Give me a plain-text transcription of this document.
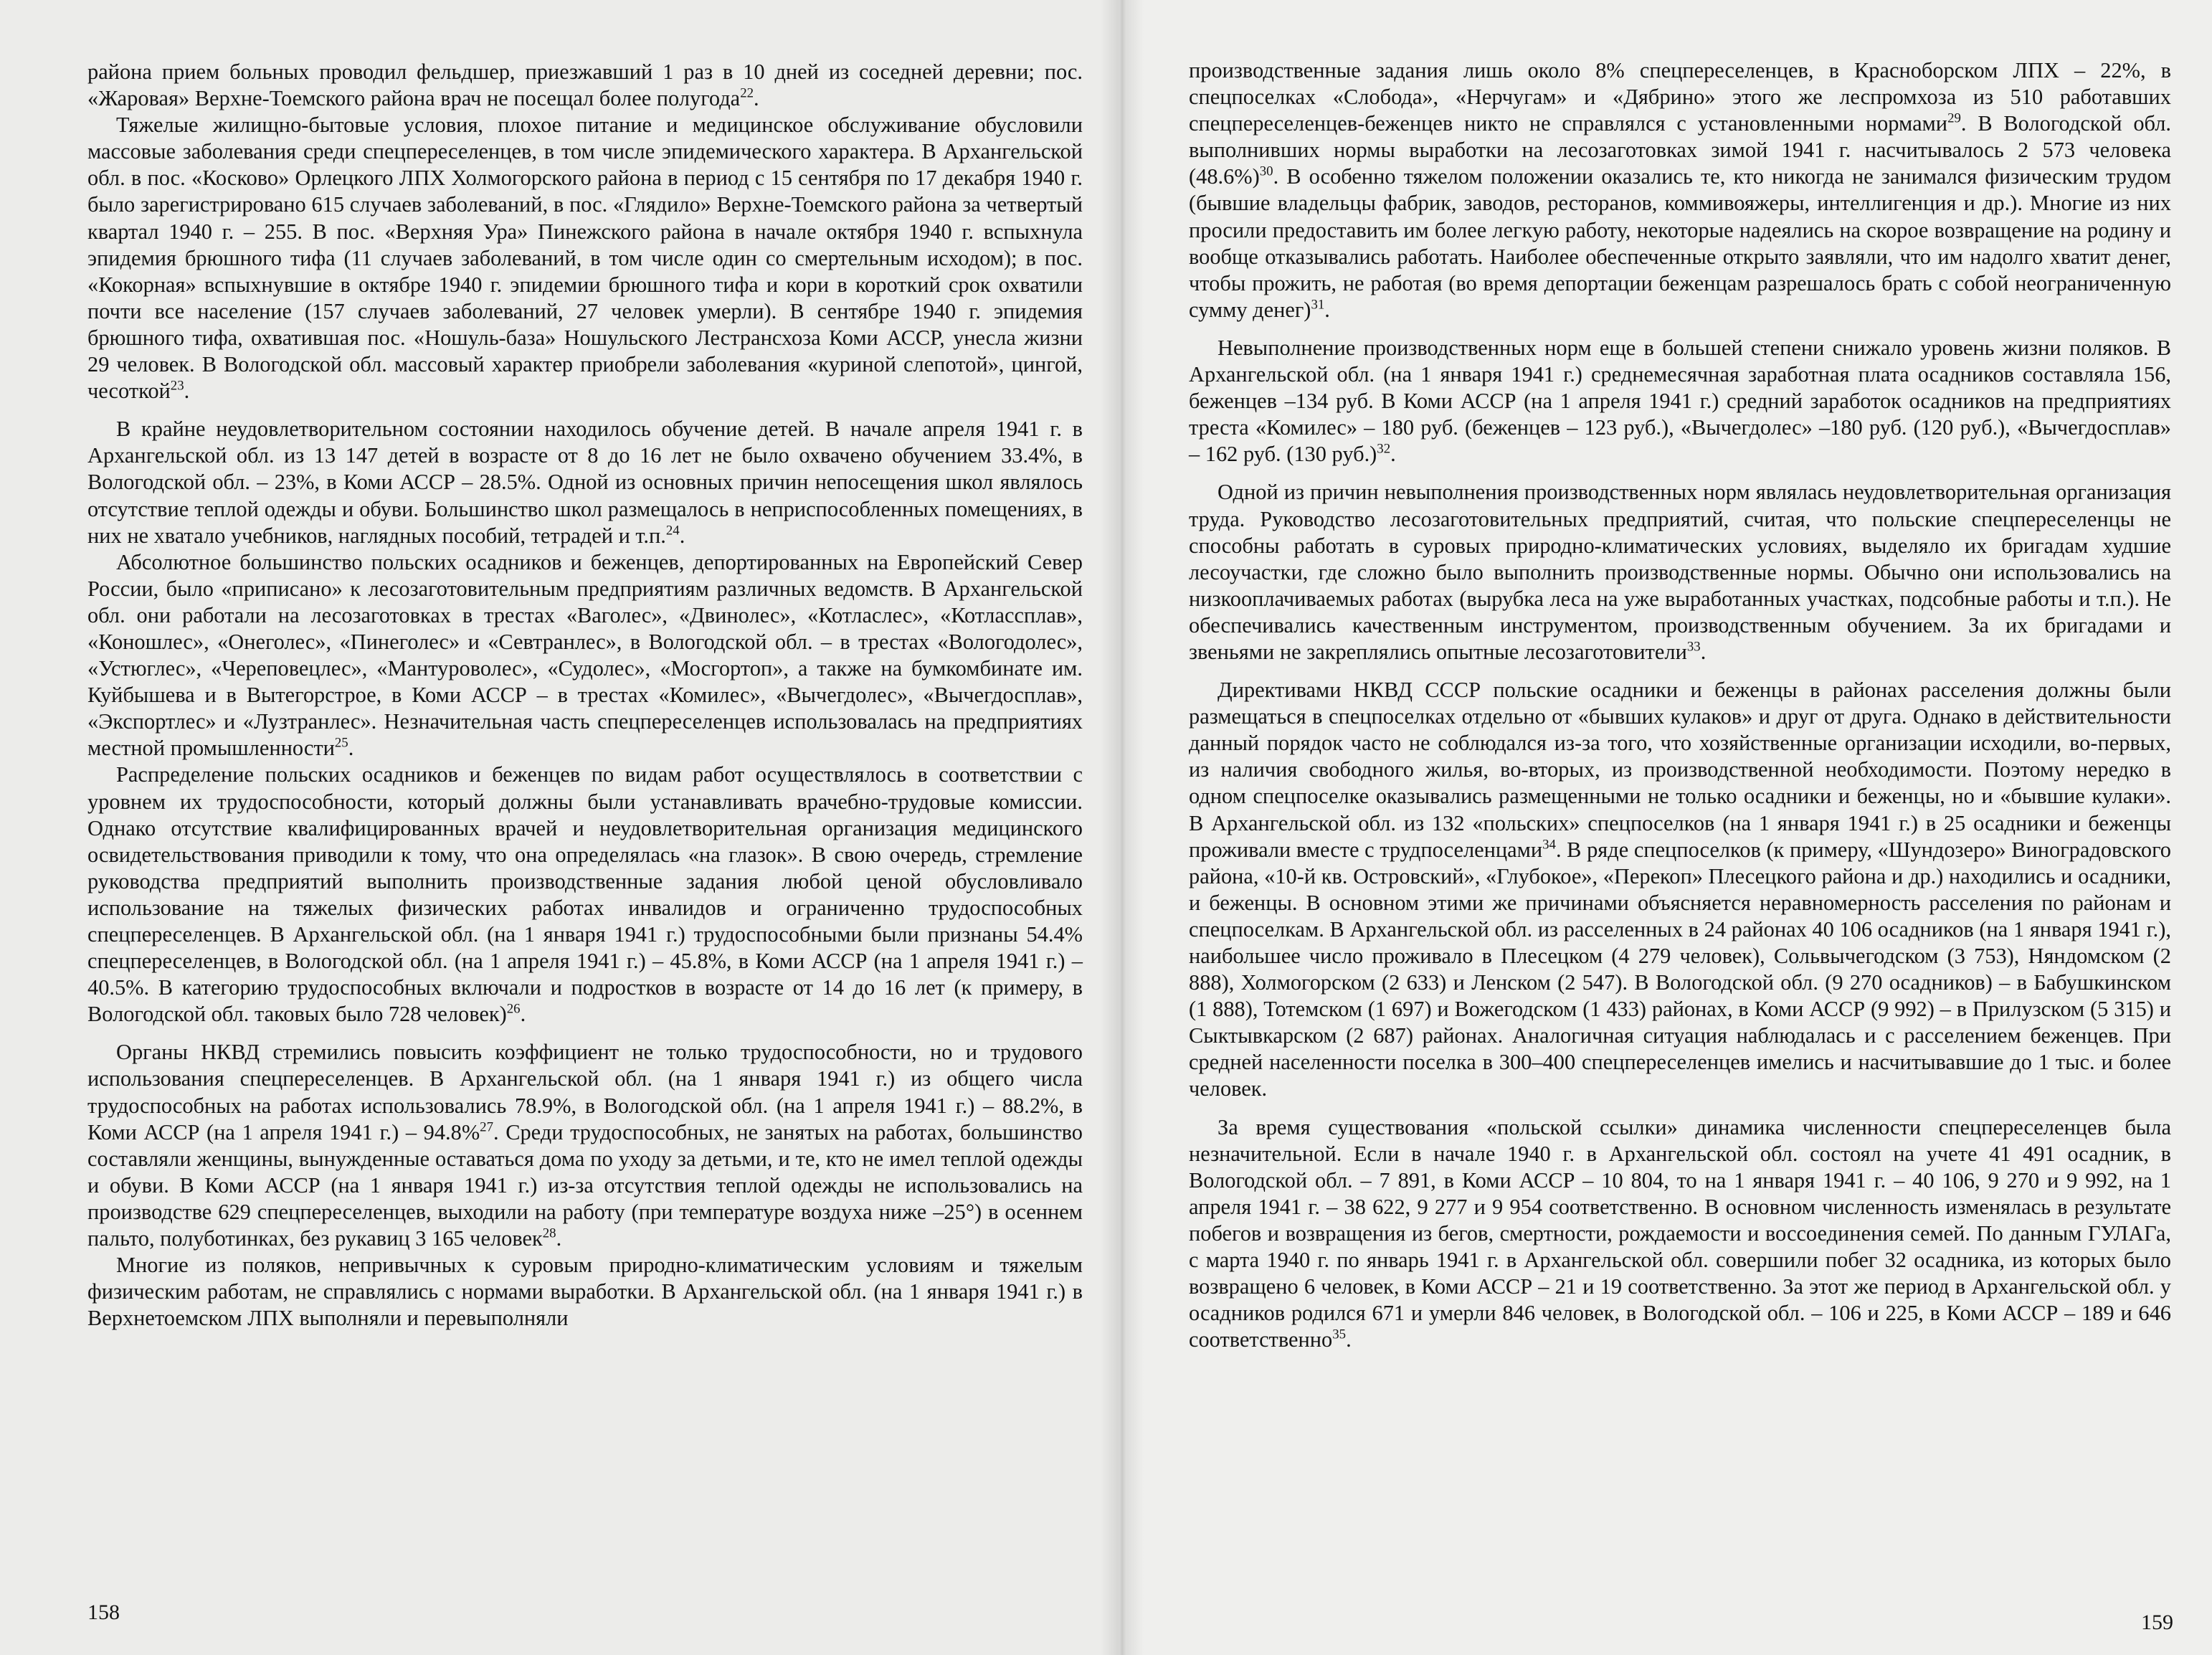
района прием больных проводил фельдшер, приезжавший 1 раз в 10 дней из соседней деревни; пос. «Жаровая» Верхне-Тоемского района врач не посещал более полугода$^{22}$.

Тяжелые жилищно-бытовые условия, плохое питание и медицинское обслуживание обусловили массовые заболевания среди спецпереселенцев, в том числе эпидемического характера. В Архангельской обл. в пос. «Косково» Орлецкого ЛПХ Холмогорского района в период с 15 сентября по 17 декабря 1940 г. было зарегистрировано 615 случаев заболеваний, в пос. «Глядило» Верхне-Тоемского района за четвертый квартал 1940 г. – 255. В пос. «Верхняя Ура» Пинежского района в начале октября 1940 г. вспыхнула эпидемия брюшного тифа (11 случаев заболеваний, в том числе один со смертельным исходом); в пос. «Кокорная» вспыхнувшие в октябре 1940 г. эпидемии брюшного тифа и кори в короткий срок охватили почти все население (157 случаев заболеваний, 27 человек умерли). В сентябре 1940 г. эпидемия брюшного тифа, охватившая пос. «Ношуль-база» Ношульского Лестрансхоза Коми АССР, унесла жизни 29 человек. В Вологодской обл. массовый характер приобрели заболевания «куриной слепотой», цингой, чесоткой$^{23}$.

В крайне неудовлетворительном состоянии находилось обучение детей. В начале апреля 1941 г. в Архангельской обл. из 13 147 детей в возрасте от 8 до 16 лет не было охвачено обучением 33.4%, в Вологодской обл. – 23%, в Коми АССР – 28.5%. Одной из основных причин непосещения школ являлось отсутствие теплой одежды и обуви. Большинство школ размещалось в неприспособленных помещениях, в них не хватало учебников, наглядных пособий, тетрадей и т.п.$^{24}$.

Абсолютное большинство польских осадников и беженцев, депортированных на Европейский Север России, было «приписано» к лесозаготовительным предприятиям различных ведомств. В Архангельской обл. они работали на лесозаготовках в трестах «Ваголес», «Двинолес», «Котласлес», «Котлассплав», «Коношлес», «Онеголес», «Пинеголес» и «Севтранлес», в Вологодской обл. – в трестах «Вологодолес», «Устюглес», «Череповецлес», «Мантуроволес», «Судолес», «Мосгортоп», а также на бумкомбинате им. Куйбышева и в Вытегорстрое, в Коми АССР – в трестах «Комилес», «Вычегдолес», «Вычегдосплав», «Экспортлес» и «Лузтранлес». Незначительная часть спецпереселенцев использовалась на предприятиях местной промышленности$^{25}$.

Распределение польских осадников и беженцев по видам работ осуществлялось в соответствии с уровнем их трудоспособности, который должны были устанавливать врачебно-трудовые комиссии. Однако отсутствие квалифицированных врачей и неудовлетворительная организация медицинского освидетельствования приводили к тому, что она определялась «на глазок». В свою очередь, стремление руководства предприятий выполнить производственные задания любой ценой обусловливало использование на тяжелых физических работах инвалидов и ограниченно трудоспособных спецпереселенцев. В Архангельской обл. (на 1 января 1941 г.) трудоспособными были признаны 54.4% спецпереселенцев, в Вологодской обл. (на 1 апреля 1941 г.) – 45.8%, в Коми АССР (на 1 апреля 1941 г.) – 40.5%. В категорию трудоспособных включали и подростков в возрасте от 14 до 16 лет (к примеру, в Вологодской обл. таковых было 728 человек)$^{26}$.

Органы НКВД стремились повысить коэффициент не только трудоспособности, но и трудового использования спецпереселенцев. В Архангельской обл. (на 1 января 1941 г.) из общего числа трудоспособных на работах использовались 78.9%, в Вологодской обл. (на 1 апреля 1941 г.) – 88.2%, в Коми АССР (на 1 апреля 1941 г.) – 94.8%$^{27}$. Среди трудоспособных, не занятых на работах, большинство составляли женщины, вынужденные оставаться дома по уходу за детьми, и те, кто не имел теплой одежды и обуви. В Коми АССР (на 1 января 1941 г.) из-за отсутствия теплой одежды не использовались на производстве 629 спецпереселенцев, выходили на работу (при температуре воздуха ниже –25°) в осеннем пальто, полуботинках, без рукавиц 3 165 человек$^{28}$.

Многие из поляков, непривычных к суровым природно-климатическим условиям и тяжелым физическим работам, не справлялись с нормами выработки. В Архангельской обл. (на 1 января 1941 г.) в Верхнетоемском ЛПХ выполняли и перевыполняли

158

производственные задания лишь около 8% спецпереселенцев, в Красноборском ЛПХ – 22%, в спецпоселках «Слобода», «Нерчугам» и «Дябрино» этого же леспромхоза из 510 работавших спецпереселенцев-беженцев никто не справлялся с установленными нормами$^{29}$. В Вологодской обл. выполнивших нормы выработки на лесозаготовках зимой 1941 г. насчитывалось 2 573 человека $(48.6\%)^{30}$. В особенно тяжелом положении оказались те, кто никогда не занимался физическим трудом (бывшие владельцы фабрик, заводов, ресторанов, коммивояжеры, интеллигенция и др.). Многие из них просили предоставить им более легкую работу, некоторые надеялись на скорое возвращение на родину и вообще отказывались работать. Наиболее обеспеченные открыто заявляли, что им надолго хватит денег, чтобы прожить, не работая (во время депортации беженцам разрешалось брать с собой неограниченную сумму денег)$^{31}$.

Невыполнение производственных норм еще в большей степени снижало уровень жизни поляков. В Архангельской обл. (на 1 января 1941 г.) среднемесячная заработная плата осадников составляла 156, беженцев –134 руб. В Коми АССР (на 1 апреля 1941 г.) средний заработок осадников на предприятиях треста «Комилес» – 180 руб. (беженцев – 123 руб.), «Вычегдолес» –180 руб. (120 руб.), «Вычегдосплав» – 162 руб. (130 руб.)$^{32}$.

Одной из причин невыполнения производственных норм являлась неудовлетворительная организация труда. Руководство лесозаготовительных предприятий, считая, что польские спецпереселенцы не способны работать в суровых природно-климатических условиях, выделяло их бригадам худшие лесоучастки, где сложно было выполнить производственные нормы. Обычно они использовались на низкооплачиваемых работах (вырубка леса на уже выработанных участках, подсобные работы и т.п.). Не обеспечивались качественным инструментом, производственным обучением. За их бригадами и звеньями не закреплялись опытные лесозаготовители$^{33}$.

Директивами НКВД СССР польские осадники и беженцы в районах расселения должны были размещаться в спецпоселках отдельно от «бывших кулаков» и друг от друга. Однако в действительности данный порядок часто не соблюдался из-за того, что хозяйственные организации исходили, во-первых, из наличия свободного жилья, во-вторых, из производственной необходимости. Поэтому нередко в одном спецпоселке оказывались размещенными не только осадники и беженцы, но и «бывшие кулаки». В Архангельской обл. из 132 «польских» спецпоселков (на 1 января 1941 г.) в 25 осадники и беженцы проживали вместе с трудпоселенцами$^{34}$. В ряде спецпоселков (к примеру, «Шундозеро» Виноградовского района, «10-й кв. Островский», «Глубокое», «Перекоп» Плесецкого района и др.) находились и осадники, и беженцы. В основном этими же причинами объясняется неравномерность расселения по районам и спецпоселкам. В Архангельской обл. из расселенных в 24 районах 40 106 осадников (на 1 января 1941 г.), наибольшее число проживало в Плесецком (4 279 человек), Сольвычегодском (3 753), Няндомском (2 888), Холмогорском (2 633) и Ленском (2 547). В Вологодской обл. (9 270 осадников) – в Бабушкинском (1 888), Тотемском (1 697) и Вожегодском (1 433) районах, в Коми АССР (9 992) – в Прилузском (5 315) и Сыктывкарском (2 687) районах. Аналогичная ситуация наблюдалась и с расселением беженцев. При средней населенности поселка в 300–400 спецпереселенцев имелись и насчитывавшие до 1 тыс. и более человек.

За время существования «польской ссылки» динамика численности спецпереселенцев была незначительной. Если в начале 1940 г. в Архангельской обл. состоял на учете 41 491 осадник, в Вологодской обл. – 7 891, в Коми АССР – 10 804, то на 1 января 1941 г. – 40 106, 9 270 и 9 992, на 1 апреля 1941 г. – 38 622, 9 277 и 9 954 соответственно. В основном численность изменялась в результате побегов и возвращения из бегов, смертности, рождаемости и воссоединения семей. По данным ГУЛАГа, с марта 1940 г. по январь 1941 г. в Архангельской обл. совершили побег 32 осадника, из которых было возвращено 6 человек, в Коми АССР – 21 и 19 соответственно. За этот же период в Архангельской обл. у осадников родился 671 и умерли 846 человек, в Вологодской обл. – 106 и 225, в Коми АССР – 189 и 646 соответственно$^{35}$.

159
